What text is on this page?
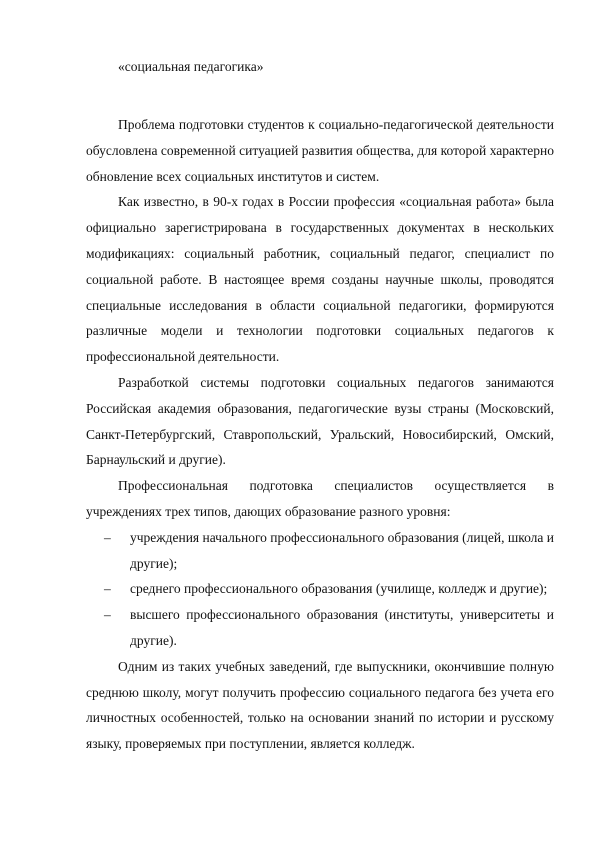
«социальная педагогика»

Проблема подготовки студентов к социально-педагогической деятельности обусловлена современной ситуацией развития общества, для которой характерно обновление всех социальных институтов и систем.

Как известно, в 90-х годах в России профессия «социальная работа» была официально зарегистрирована в государственных документах в нескольких модификациях: социальный работник, социальный педагог, специалист по социальной работе. В настоящее время созданы научные школы, проводятся специальные исследования в области социальной педагогики, формируются различные модели и технологии подготовки социальных педагогов к профессиональной деятельности.

Разработкой системы подготовки социальных педагогов занимаются Российская академия образования, педагогические вузы страны (Московский, Санкт-Петербургский, Ставропольский, Уральский, Новосибирский, Омский, Барнаульский и другие).

Профессиональная подготовка специалистов осуществляется в учреждениях трех типов, дающих образование разного уровня:

– учреждения начального профессионального образования (лицей, школа и другие);
– среднего профессионального образования (училище, колледж и другие);
– высшего профессионального образования (институты, университеты и другие).

Одним из таких учебных заведений, где выпускники, окончившие полную среднюю школу, могут получить профессию социального педагога без учета его личностных особенностей, только на основании знаний по истории и русскому языку, проверяемых при поступлении, является колледж.
